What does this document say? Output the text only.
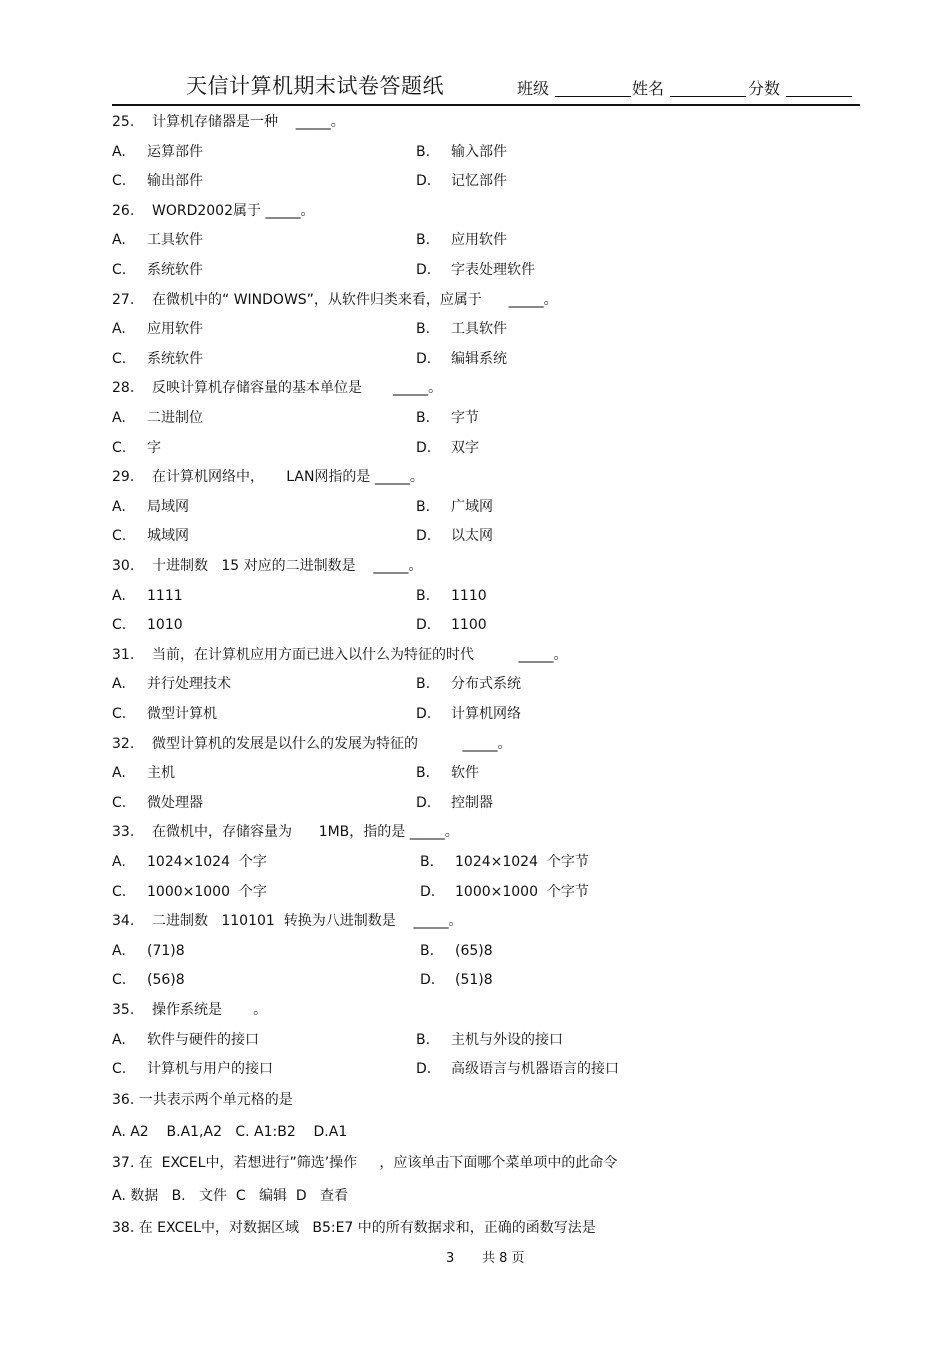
天信计算机期末试卷答题纸	班级	姓名	分数
25. 计算机存储器是一种    _____。
A. 运算部件	B. 输入部件
C. 输出部件	D. 记忆部件
26. WORD2002属于 _____。
A. 工具软件	B. 应用软件
C. 系统软件	D. 字表处理软件
27. 在微机中的“ WINDOWS”，从软件归类来看，应属于      _____。
A. 应用软件	B. 工具软件
C. 系统软件	D. 编辑系统
28. 反映计算机存储容量的基本单位是       _____。
A. 二进制位	B. 字节
C. 字	D. 双字
29. 在计算机网络中，     LAN网指的是 _____。
A. 局域网	B. 广域网
C. 城域网	D. 以太网
30. 十进制数   15 对应的二进制数是    _____。
A. 1111	B. 1110
C. 1010	D. 1100
31. 当前，在计算机应用方面已进入以什么为特征的时代          _____。
A. 并行处理技术	B. 分布式系统
C. 微型计算机	D. 计算机网络
32. 微型计算机的发展是以什么的发展为特征的          _____。
A. 主机	B. 软件
C. 微处理器	D. 控制器
33. 在微机中，存储容量为      1MB，指的是 _____。
A. 1024×1024  个字	B. 1024×1024  个字节
C. 1000×1000  个字	D. 1000×1000  个字节
34. 二进制数   110101  转换为八进制数是    _____。
A. (71)8	B. (65)8
C. (56)8	D. (51)8
35. 操作系统是       。
A. 软件与硬件的接口	B. 主机与外设的接口
C. 计算机与用户的接口	D. 高级语言与机器语言的接口
36. 一共表示两个单元格的是
A. A2    B.A1,A2   C. A1:B2    D.A1
37. 在  EXCEL中，若想进行”筛选’操作     ，应该单击下面哪个菜单项中的此命令
A. 数据   B.   文件  C   编辑  D   查看
38. 在 EXCEL中，对数据区域   B5:E7 中的所有数据求和，正确的函数写法是
3 共 8 页
